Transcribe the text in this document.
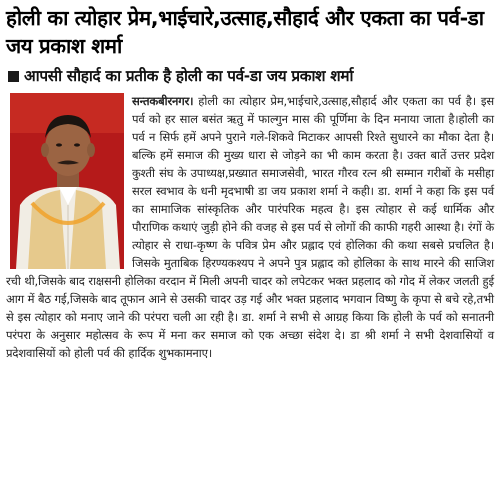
होली का त्योहार प्रेम,भाईचारे,उत्साह,सौहार्द और एकता का पर्व-डा जय प्रकाश शर्मा
आपसी सौहार्द का प्रतीक है होली का पर्व-डा जय प्रकाश शर्मा
सन्तकबीरनगर। होली का त्योहार प्रेम,भाईचारे,उत्साह,सौहार्द और एकता का पर्व है। इस पर्व को हर साल बसंत ऋतु में फाल्गुन मास की पूर्णिमा के दिन मनाया जाता है।होली का पर्व न सिर्फ हमें अपने पुराने गले-शिकवे मिटाकर आपसी रिश्ते सुधारने का मौका देता है। बल्कि हमें समाज की मुख्य धारा से जोड़ने का भी काम करता है। उक्त बातें उत्तर प्रदेश कुश्ती संघ के उपाध्यक्ष,प्रख्यात समाजसेवी, भारत गौरव रत्न श्री सम्मान गरीबों के मसीहा सरल स्वभाव के धनी मृदभाषी डा जय प्रकाश शर्मा ने कही। डा. शर्मा ने कहा कि इस पर्व का सामाजिक सांस्कृतिक और पारंपरिक महत्व है। इस त्योहार से कई धार्मिक और पौराणिक कथाएं जुड़ी होने की वजह से इस पर्व से लोगों की काफी गहरी आस्था है। रंगों के त्योहार से राधा-कृष्ण के पवित्र प्रेम और प्रह्लाद एवं होलिका की कथा सबसे प्रचलित है। जिसके मुताबिक हिरण्यकश्यप ने अपने पुत्र प्रह्लाद को होलिका के साथ मारने की साजिश रची थी,जिसके बाद राक्षसनी होलिका वरदान में मिली अपनी चादर को लपेटकर भक्त प्रहलाद को गोद में लेकर जलती हुई आग में बैठ गई,जिसके बाद तूफान आने से उसकी चादर उड़ गई और भक्त प्रहलाद भगवान विष्णु के कृपा से बचे रहे,तभी से इस त्योहार को मनाए जाने की परंपरा चली आ रही है। डा. शर्मा ने सभी से आग्रह किया कि होली के पर्व को सनातनी परंपरा के अनुसार महोत्सव के रूप में मना कर समाज को एक अच्छा संदेश दे। डा श्री शर्मा ने सभी देशवासियों व प्रदेशवासियों को होली पर्व की हार्दिक शुभकामनाए।
